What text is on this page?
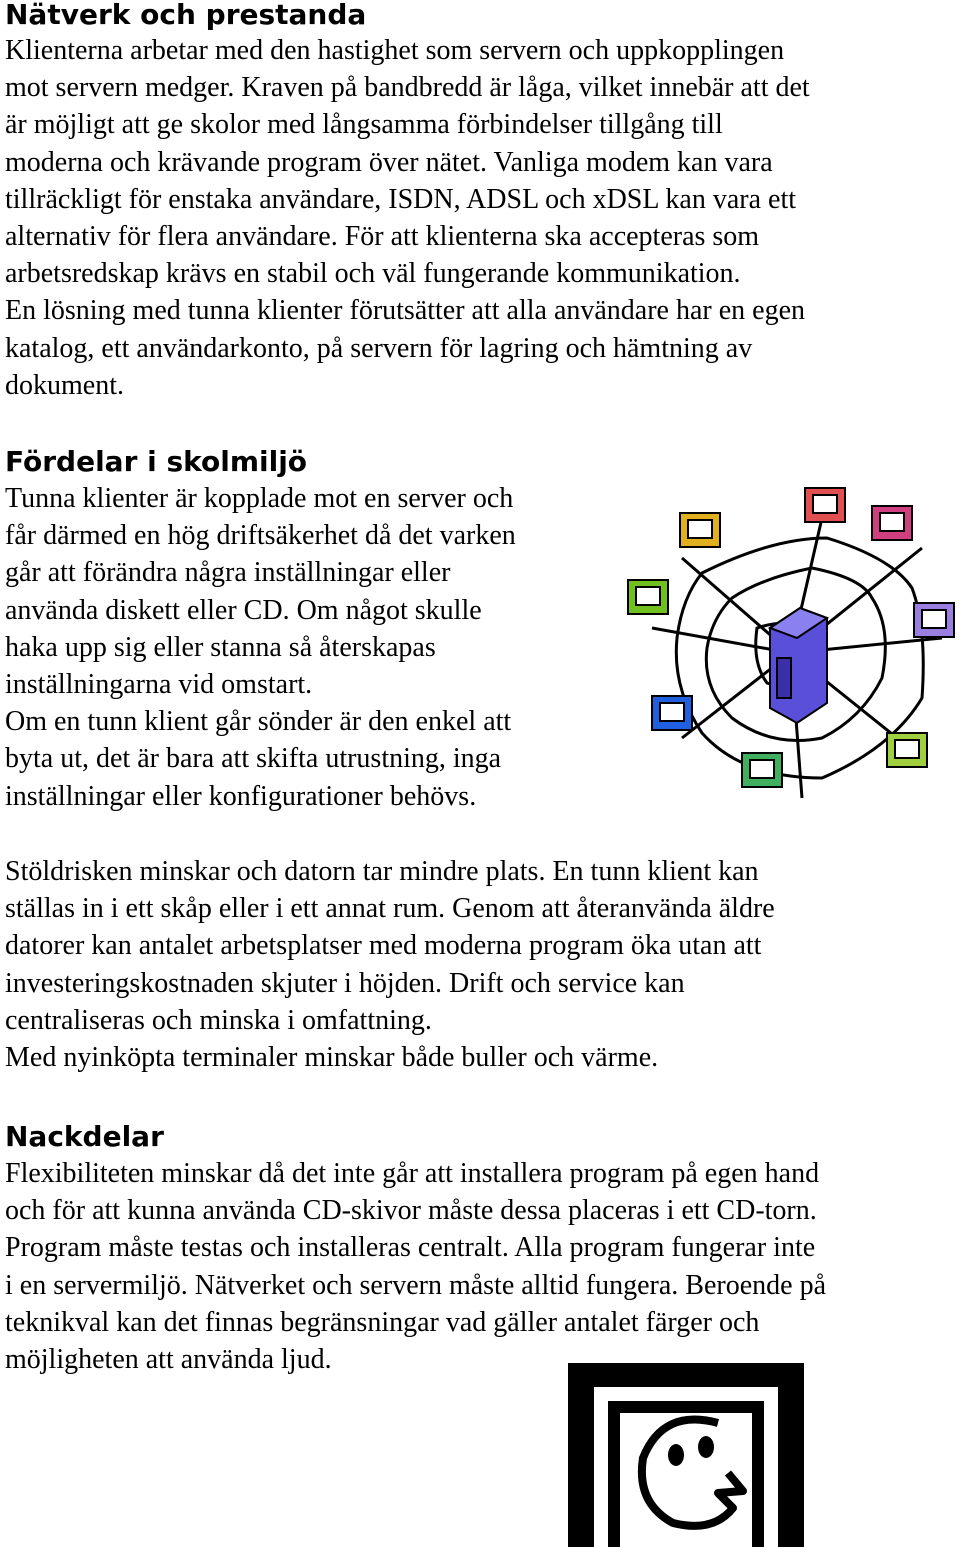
Nätverk och prestanda
Klienterna arbetar med den hastighet som servern och uppkopplingen
mot servern medger. Kraven på bandbredd är låga, vilket innebär att det
är möjligt att ge skolor med långsamma förbindelser tillgång till
moderna och krävande program över nätet. Vanliga modem kan vara
tillräckligt för enstaka användare, ISDN, ADSL och xDSL kan vara ett
alternativ för flera användare. För att klienterna ska accepteras som
arbetsredskap krävs en stabil och väl fungerande kommunikation.
En lösning med tunna klienter förutsätter att alla användare har en egen
katalog, ett användarkonto, på servern för lagring och hämtning av
dokument.
Fördelar i skolmiljö
Tunna klienter är kopplade mot en server och
får därmed en hög driftsäkerhet då det varken
går att förändra några inställningar eller
använda diskett eller CD. Om något skulle
haka upp sig eller stanna så återskapas
inställningarna vid omstart.
Om en tunn klient går sönder är den enkel att
byta ut, det är bara att skifta utrustning, inga
inställningar eller konfigurationer behövs.
Stöldrisken minskar och datorn tar mindre plats. En tunn klient kan
ställas in i ett skåp eller i ett annat rum. Genom att återanvända äldre
datorer kan antalet arbetsplatser med moderna program öka utan att
investeringskostnaden skjuter i höjden. Drift och service kan
centraliseras och minska i omfattning.
Med nyinköpta terminaler minskar både buller och värme.
Nackdelar
Flexibiliteten minskar då det inte går att installera program på egen hand
och för att kunna använda CD-skivor måste dessa placeras i ett CD-torn.
Program måste testas och installeras centralt. Alla program fungerar inte
i en servermiljö. Nätverket och servern måste alltid fungera. Beroende på
teknikval kan det finnas begränsningar vad gäller antalet färger och
möjligheten att använda ljud.
